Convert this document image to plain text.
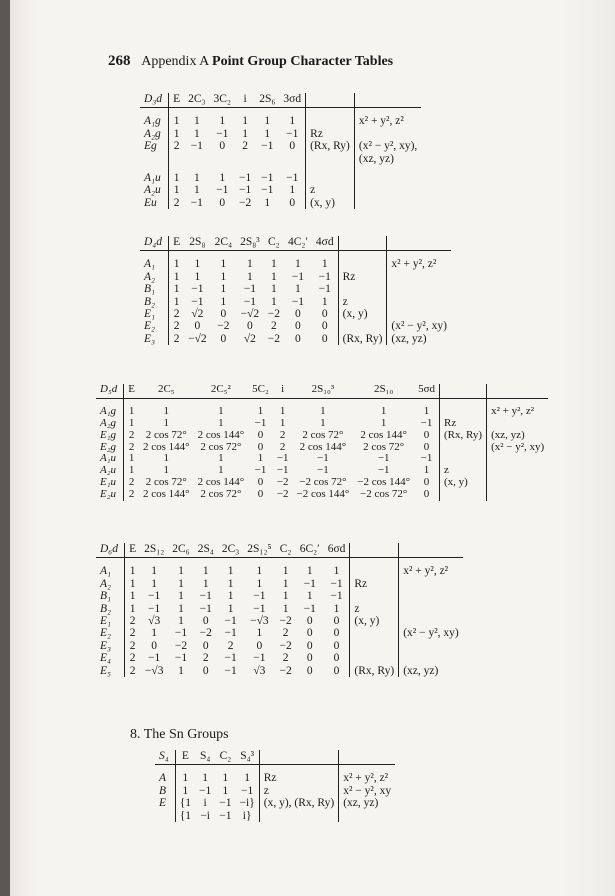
268 Appendix A Point Group Character Tables
D₃d	E	2C₃	3C₂	i	2S₆	3σd		
A₁g	1	1	1	1	1	1		x² + y², z²
A₂g	1	1	−1	1	1	−1	Rz	
Eg	2	−1	0	2	−1	0	(Rx, Ry)	(x² − y², xy),
								(xz, yz)
A₁u	1	1	1	−1	−1	−1		
A₂u	1	1	−1	−1	−1	1	z	
Eu	2	−1	0	−2	1	0	(x, y)	
D₄d	E	2S₈	2C₄	2S₈³	C₂	4C₂′	4σd		
A₁	1	1	1	1	1	1	1		x² + y², z²
A₂	1	1	1	1	1	−1	−1	Rz	
B₁	1	−1	1	−1	1	1	−1		
B₂	1	−1	1	−1	1	−1	1	z	
E₁	2	√2	0	−√2	−2	0	0	(x, y)	
E₂	2	0	−2	0	2	0	0		(x² − y², xy)
E₃	2	−√2	0	√2	−2	0	0	(Rx, Ry)	(xz, yz)
D₅d	E	2C₅	2C₅²	5C₂	i	2S₁₀³	2S₁₀	5σd		
A₁g	1	1	1	1	1	1	1	1		x² + y², z²
A₂g	1	1	1	−1	1	1	1	−1	Rz	
E₁g	2	2 cos 72°	2 cos 144°	0	2	2 cos 72°	2 cos 144°	0	(Rx, Ry)	(xz, yz)
E₂g	2	2 cos 144°	2 cos 72°	0	2	2 cos 144°	2 cos 72°	0		(x² − y², xy)
A₁u	1	1	1	1	−1	−1	−1	−1		
A₂u	1	1	1	−1	−1	−1	−1	1	z	
E₁u	2	2 cos 72°	2 cos 144°	0	−2	−2 cos 72°	−2 cos 144°	0	(x, y)	
E₂u	2	2 cos 144°	2 cos 72°	0	−2	−2 cos 144°	−2 cos 72°	0		
D₆d	E	2S₁₂	2C₆	2S₄	2C₃	2S₁₂⁵	C₂	6C₂′	6σd		
A₁	1	1	1	1	1	1	1	1	1		x² + y², z²
A₂	1	1	1	1	1	1	1	−1	−1	Rz	
B₁	1	−1	1	−1	1	−1	1	1	−1		
B₂	1	−1	1	−1	1	−1	1	−1	1	z	
E₁	2	√3	1	0	−1	−√3	−2	0	0	(x, y)	
E₂	2	1	−1	−2	−1	1	2	0	0		(x² − y², xy)
E₃	2	0	−2	0	2	0	−2	0	0		
E₄	2	−1	−1	2	−1	−1	2	0	0		
E₅	2	−√3	1	0	−1	√3	−2	0	0	(Rx, Ry)	(xz, yz)
8. The Sn Groups
S₄	E	S₄	C₂	S₄³		
A	1	1	1	1	Rz	x² + y², z²
B	1	−1	1	−1	z	x² − y², xy
E	{1	i	−1	−i}	(x, y), (Rx, Ry)	(xz, yz)
	{1	−i	−1	i}		
